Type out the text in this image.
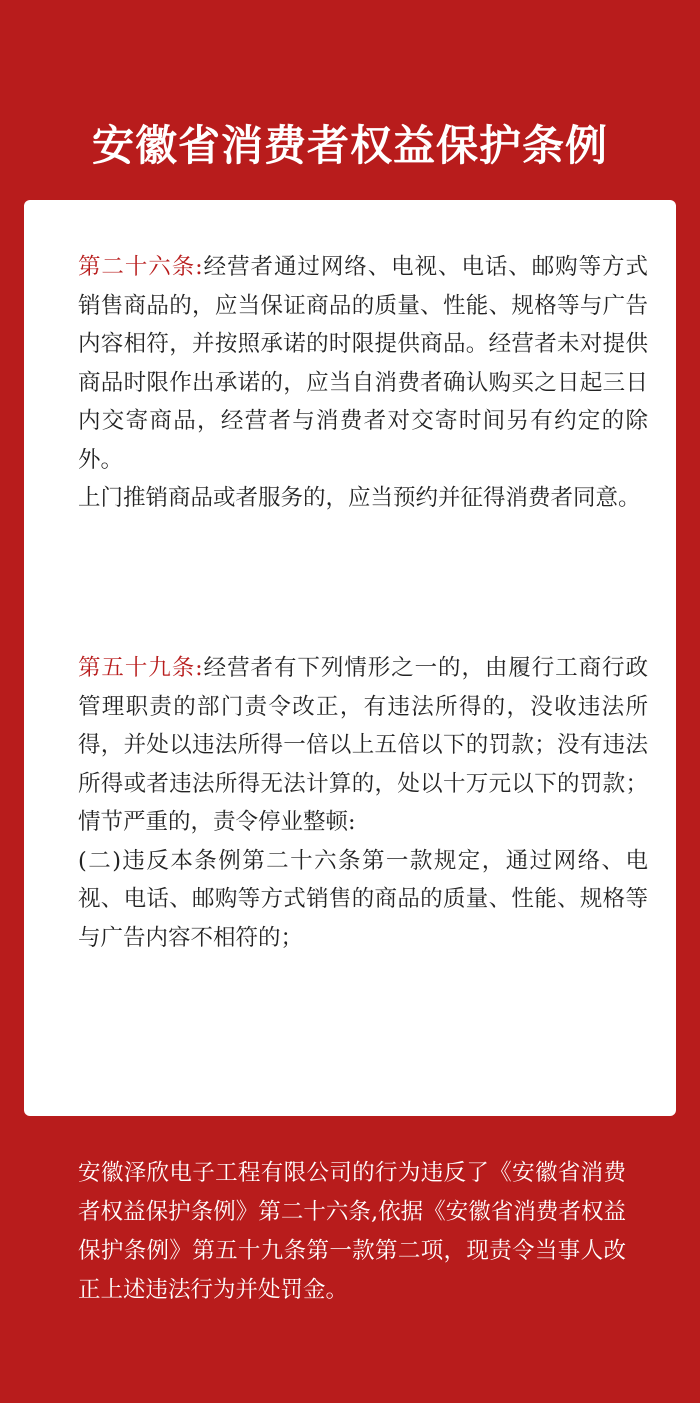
安徽省消费者权益保护条例

第二十六条:经营者通过网络、电视、电话、邮购等方式销售商品的，应当保证商品的质量、性能、规格等与广告内容相符，并按照承诺的时限提供商品。经营者未对提供商品时限作出承诺的，应当自消费者确认购买之日起三日内交寄商品，经营者与消费者对交寄时间另有约定的除外。

上门推销商品或者服务的，应当预约并征得消费者同意。

第五十九条:经营者有下列情形之一的，由履行工商行政管理职责的部门责令改正，有违法所得的，没收违法所得，并处以违法所得一倍以上五倍以下的罚款；没有违法所得或者违法所得无法计算的，处以十万元以下的罚款；情节严重的，责令停业整顿:

(二)违反本条例第二十六条第一款规定，通过网络、电视、电话、邮购等方式销售的商品的质量、性能、规格等与广告内容不相符的；

安徽泽欣电子工程有限公司的行为违反了《安徽省消费者权益保护条例》第二十六条,依据《安徽省消费者权益保护条例》第五十九条第一款第二项，现责令当事人改正上述违法行为并处罚金。
